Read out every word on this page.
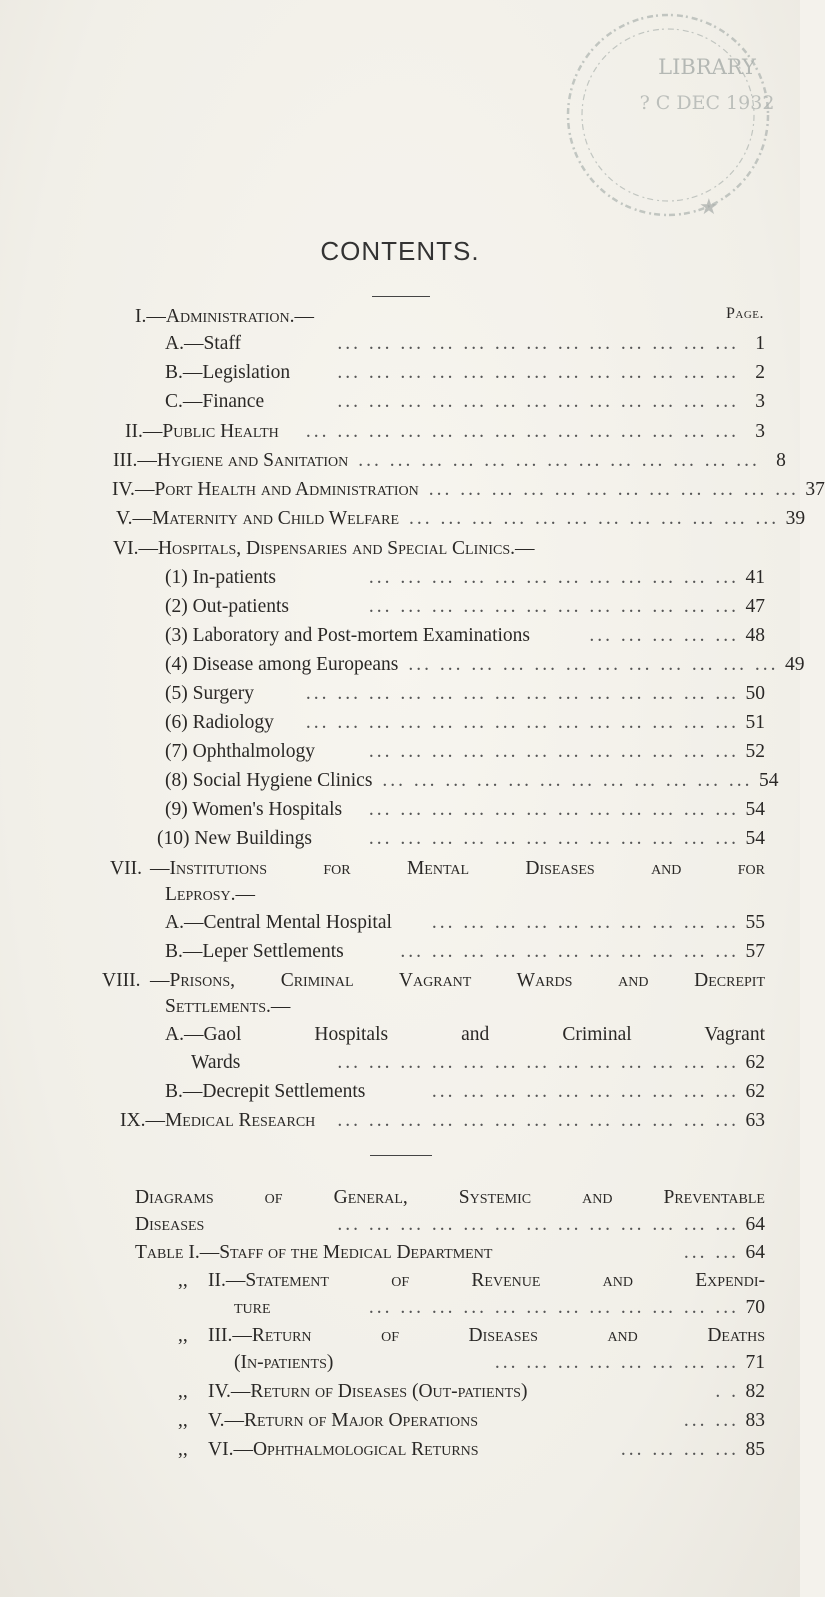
LIBRARY
? C DEC 1932
★
CONTENTS.
Page.
I.—Administration.—
A.—Staff	... ... ... ... ... ... ... ... ... ... ... ... ... 1
B.—Legislation	... ... ... ... ... ... ... ... ... ... ... ... ... 2
C.—Finance	... ... ... ... ... ... ... ... ... ... ... ... ... 3
II.—Public Health	... ... ... ... ... ... ... ... ... ... ... ... ... ... 3
III.—Hygiene and Sanitation ... ... ... ... ... ... ... ... ... ... ... ... ... 8
IV.—Port Health and Administration ... ... ... ... ... ... ... ... ... ... ... ... 37
V.—Maternity and Child Welfare ... ... ... ... ... ... ... ... ... ... ... ... 39
VI.—Hospitals, Dispensaries and Special Clinics.—
(1) In-patients	... ... ... ... ... ... ... ... ... ... ... ... 41
(2) Out-patients	... ... ... ... ... ... ... ... ... ... ... ... 47
(3) Laboratory and Post-mortem Examinations	... ... ... ... ... 48
(4) Disease among Europeans ... ... ... ... ... ... ... ... ... ... ... ... 49
(5) Surgery	... ... ... ... ... ... ... ... ... ... ... ... ... ... 50
(6) Radiology	... ... ... ... ... ... ... ... ... ... ... ... ... ... 51
(7) Ophthalmology	... ... ... ... ... ... ... ... ... ... ... ... 52
(8) Social Hygiene Clinics ... ... ... ... ... ... ... ... ... ... ... ... 54
(9) Women's Hospitals	... ... ... ... ... ... ... ... ... ... ... ... 54
(10) New Buildings	... ... ... ... ... ... ... ... ... ... ... ... 54
VII. —Institutions for Mental Diseases and for
Leprosy.—
A.—Central Mental Hospital	... ... ... ... ... ... ... ... ... ... 55
B.—Leper Settlements	... ... ... ... ... ... ... ... ... ... ... 57
VIII. —Prisons, Criminal Vagrant Wards and Decrepit
Settlements.—
A.—Gaol Hospitals and Criminal Vagrant
Wards	... ... ... ... ... ... ... ... ... ... ... ... ... 62
B.—Decrepit Settlements	... ... ... ... ... ... ... ... ... ... 62
IX.—Medical Research	... ... ... ... ... ... ... ... ... ... ... ... ... 63
Diagrams of General, Systemic and Preventable
Diseases	... ... ... ... ... ... ... ... ... ... ... ... ... 64
Table I.—Staff of the Medical Department	... ... 64
,, II.—Statement of Revenue and Expendi-
ture	... ... ... ... ... ... ... ... ... ... ... ... 70
,, III.—Return of Diseases and Deaths
(In-patients)	... ... ... ... ... ... ... ... 71
,, IV.—Return of Diseases (Out-patients)	. . 82
,, V.—Return of Major Operations	... ... 83
,, VI.—Ophthalmological Returns	... ... ... ... 85
